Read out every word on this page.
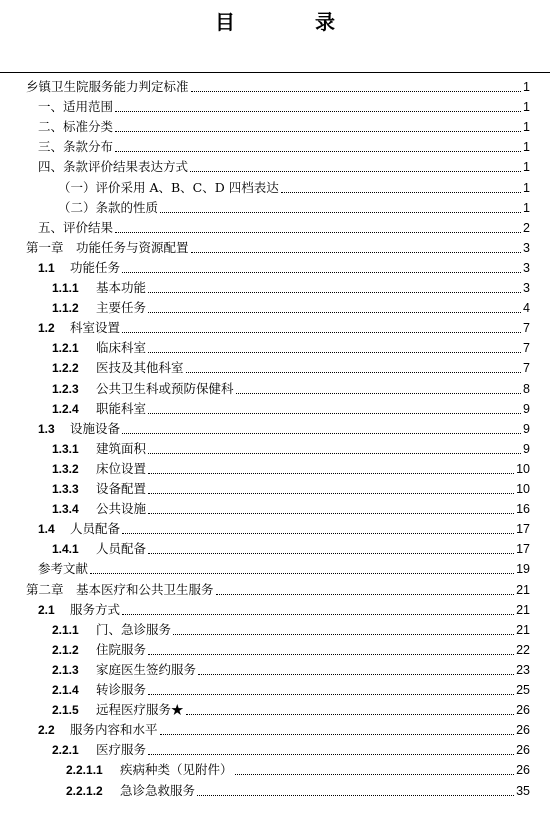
目　录
乡镇卫生院服务能力判定标准	1
一、适用范围	1
二、标准分类	1
三、条款分布	1
四、条款评价结果表达方式	1
（一）评价采用 A、B、C、D 四档表达	1
（二）条款的性质	1
五、评价结果	2
第一章　功能任务与资源配置	3
1.1	功能任务	3
1.1.1	基本功能	3
1.1.2	主要任务	4
1.2	科室设置	7
1.2.1	临床科室	7
1.2.2	医技及其他科室	7
1.2.3	公共卫生科或预防保健科	8
1.2.4	职能科室	9
1.3	设施设备	9
1.3.1	建筑面积	9
1.3.2	床位设置	10
1.3.3	设备配置	10
1.3.4	公共设施	16
1.4	人员配备	17
1.4.1	人员配备	17
参考文献	19
第二章　基本医疗和公共卫生服务	21
2.1	服务方式	21
2.1.1	门、急诊服务	21
2.1.2	住院服务	22
2.1.3	家庭医生签约服务	23
2.1.4	转诊服务	25
2.1.5	远程医疗服务★	26
2.2	服务内容和水平	26
2.2.1	医疗服务	26
2.2.1.1	疾病种类（见附件）	26
2.2.1.2	急诊急救服务	35
